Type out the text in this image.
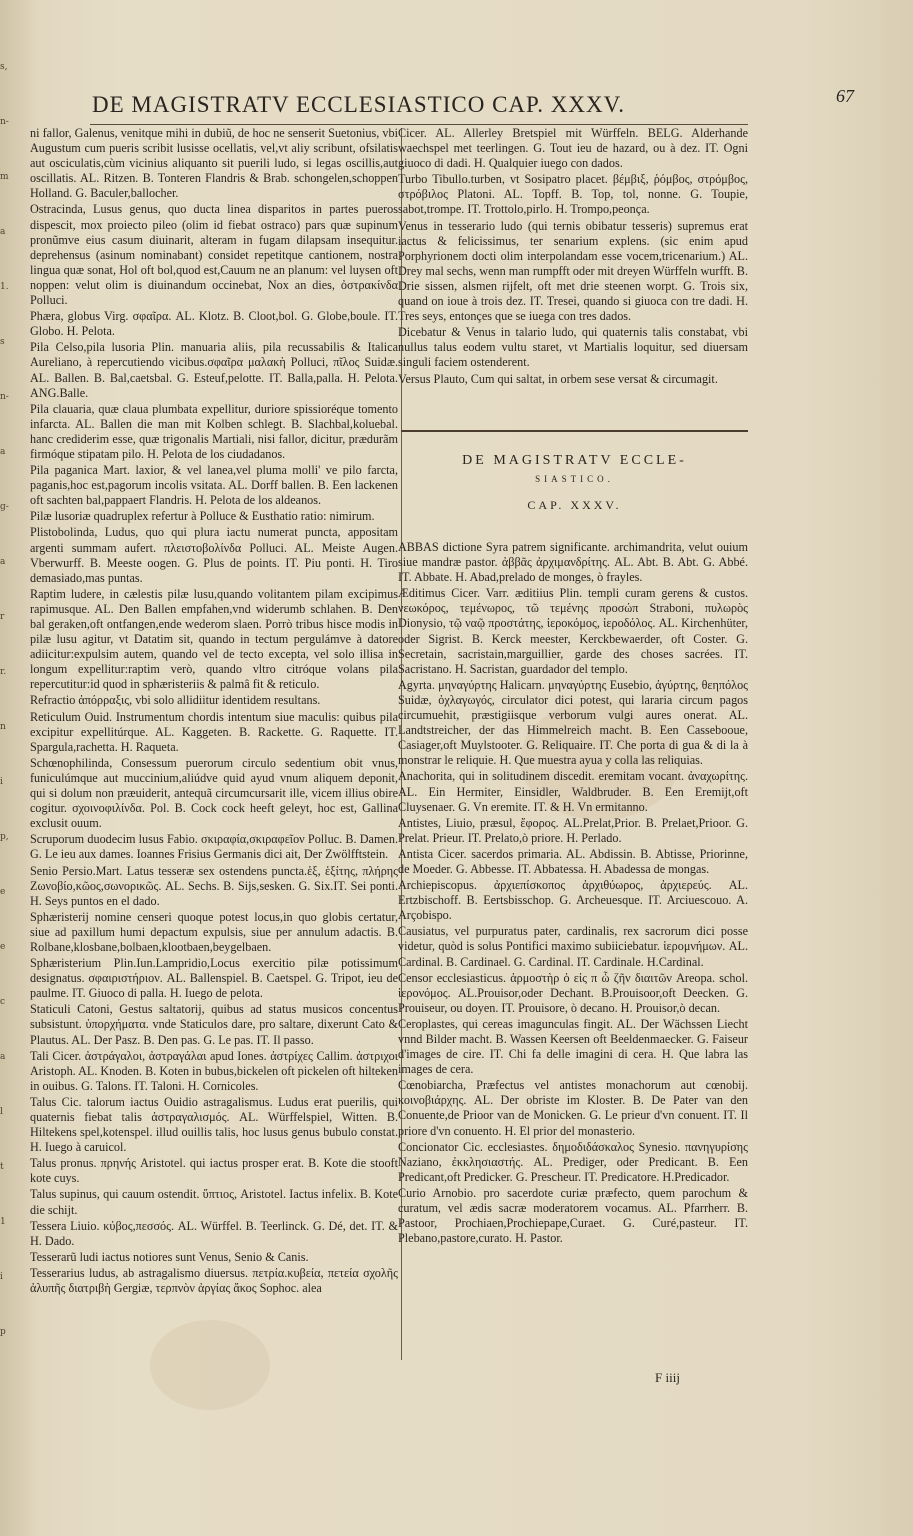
s,
n-
m
a
1.
s
n-
a
g-
a
r
r.
n
i
p,
e
e
c
a
l
t
1
i
p
DE MAGISTRATV ECCLESIASTICO CAP. XXXV.	67

ni fallor, Galenus, venitque mihi in dubiũ, de hoc ne senserit Suetonius, vbi Augustum cum pueris scribit lusisse ocellatis, vel,vt aliy scribunt, ofsilatis aut osciculatis,cùm vicinius aliquanto sit puerili ludo, si legas oscillis,aut oscillatis. AL. Ritzen. B. Tonteren Flandris & Brab. schongelen,schoppen Holland. G. Baculer,ballocher.

Ostracinda, Lusus genus, quo ducta linea disparitos in partes pueros dispescit, mox proiecto pileo (olim id fiebat ostraco) pars quæ supinum pronũmve eius casum diuinarit, alteram in fugam dilapsam insequitur. deprehensus (asinum nominabant) considet repetitque cantionem, nostra lingua quæ sonat, Hol oft bol,quod est,Cauum ne an planum: vel luysen oft noppen: velut olim is diuinandum occinebat, Nox an dies, ὀστρακίνδα Polluci.

Phæra, globus Virg. σφαῖρα. AL. Klotz. B. Cloot,bol. G. Globe,boule. IT. Globo. H. Pelota.

Pila Celso,pila lusoria Plin. manuaria aliis, pila recussabilis & Italica Aureliano, à repercutiendo vicibus.σφαῖρα μαλακὴ Polluci, πῖλος Suidæ. AL. Ballen. B. Bal,caetsbal. G. Esteuf,pelotte. IT. Balla,palla. H. Pelota. ANG.Balle.

Pila clauaria, quæ claua plumbata expellitur, duriore spissioréque tomento infarcta. AL. Ballen die man mit Kolben schlegt. B. Slachbal,koluebal. hanc crediderim esse, quæ trigonalis Martiali, nisi fallor, dicitur, prædurãm firmóque stipatam pilo. H. Pelota de los ciudadanos.

Pila paganica Mart. laxior, & vel lanea,vel pluma molli' ve pilo farcta, paganis,hoc est,pagorum incolis vsitata. AL. Dorff ballen. B. Een lackenen oft sachten bal,pappaert Flandris. H. Pelota de los aldeanos.

Pilæ lusoriæ quadruplex refertur à Polluce & Eusthatio ratio: nimirum.

Plistobolinda, Ludus, quo qui plura iactu numerat puncta, appositam argenti summam aufert. πλειστοβολίνδα Polluci. AL. Meiste Augen. Vberwurff. B. Meeste oogen. G. Plus de points. IT. Piu ponti. H. Tiro demasiado,mas puntas.

Raptim ludere, in cælestis pilæ lusu,quando volitantem pilam excipimus rapimusque. AL. Den Ballen empfahen,vnd widerumb schlahen. B. Den bal geraken,oft ontfangen,ende wederom slaen. Porrò tribus hisce modis in pilæ lusu agitur, vt Datatim sit, quando in tectum pergulámve à datore adiicitur:expulsim autem, quando vel de tecto excepta, vel solo illisa in longum expellitur:raptim verò, quando vltro citróque volans pila repercutitur:id quod in sphæristeriis & palmâ fit & reticulo.

Refractio ἀπόρραξις, vbi solo allidiitur identidem resultans.

Reticulum Ouid. Instrumentum chordis intentum siue maculis: quibus pila excipitur expellitúrque. AL. Kaggeten. B. Rackette. G. Raquette. IT. Spargula,rachetta. H. Raqueta.

Schœnophilinda, Consessum puerorum circulo sedentium obit vnus, funiculúmque aut muccinium,aliúdve quid ayud vnum aliquem deponit, qui si dolum non præuiderit, antequã circumcursarit ille, vicem illius obire cogitur. σχοινοφιλίνδα. Pol. B. Cock cock heeft geleyt, hoc est, Gallina exclusit ouum.

Scruporum duodecim lusus Fabio. σκιραφία,σκιραφεῖον Polluc. B. Damen. G. Le ieu aux dames. Ioannes Frisius Germanis dici ait, Der Zwölfftstein.

Senio Persio.Mart. Latus tesseræ sex ostendens puncta.ἑξ, ἑξίτης, πλήρης Ζωνοβίο,κῶος,σωνορικῶς. AL. Sechs. B. Sijs,sesken. G. Six.IT. Sei ponti. H. Seys puntos en el dado.

Sphæristerij nomine censeri quoque potest locus,in quo globis certatur, siue ad paxillum humi depactum expulsis, siue per annulum adactis. B. Rolbane,klosbane,bolbaen,klootbaen,beygelbaen.

Sphæristerium Plin.Iun.Lampridio,Locus exercitio pilæ potissimum designatus. σφαιριστήριον. AL. Ballenspiel. B. Caetspel. G. Tripot, ieu de paulme. IT. Giuoco di palla. H. Iuego de pelota.

Staticuli Catoni, Gestus saltatorij, quibus ad status musicos concentus subsistunt. ὑπορχήματα. vnde Staticulos dare, pro saltare, dixerunt Cato & Plautus. AL. Der Pasz. B. Den pas. G. Le pas. IT. Il passo.

Tali Cicer. ἀστράγαλοι, ἀστραγάλαι apud Iones. ἀστρίχες Callim. ἀστριχοι Aristoph. AL. Knoden. B. Koten in bubus,bickelen oft pickelen oft hilteken in ouibus. G. Talons. IT. Taloni. H. Cornicoles.

Talus Cic. talorum iactus Ouidio astragalismus. Ludus erat puerilis, qui quaternis fiebat talis ἀστραγαλισμός. AL. Würffelspiel, Witten. B. Hiltekens spel,kotenspel. illud ouillis talis, hoc lusus genus bubulo constat. H. Iuego à caruicol.

Talus pronus. πρηνής Aristotel. qui iactus prosper erat. B. Kote die stooft kote cuys.

Talus supinus, qui cauum ostendit. ὕπτιος, Aristotel. Iactus infelix. B. Kote die schijt.

Tessera Liuio. κύβος,πεσσός. AL. Würffel. B. Teerlinck. G. Dé, det. IT. & H. Dado.

Tesserarũ ludi iactus notiores sunt Venus, Senio & Canis.

Tesserarius ludus, ab astragalismo diuersus. πετρία.κυβεία, πετεία σχολῆς ἀλυπῆς διατριβὴ Gergiæ, τερπνὸν ἀργίας ἄκος Sophoc. alea

Cicer. AL. Allerley Bretspiel mit Würffeln. BELG. Alderhande waechspel met teerlingen. G. Tout ieu de hazard, ou à dez. IT. Ogni giuoco di dadi. H. Qualquier iuego con dados.

Turbo Tibullo.turben, vt Sosipatro placet. βέμβιξ, ῥόμβος, στρόμβος, στρόβιλος Platoni. AL. Topff. B. Top, tol, nonne. G. Toupie, sabot,trompe. IT. Trottolo,pirlo. H. Trompo,peonça.

Venus in tesserario ludo (qui ternis obibatur tesseris) supremus erat iactus & felicissimus, ter senarium explens. (sic enim apud Porphyrionem docti olim interpolandam esse vocem,tricenarium.) AL. Drey mal sechs, wenn man rumpfft oder mit dreyen Würffeln wurfft. B. Drie sissen, alsmen rijfelt, oft met drie steenen worpt. G. Trois six, quand on ioue à trois dez. IT. Tresei, quando si giuoca con tre dadi. H. Tres seys, entonçes que se iuega con tres dados.

Dicebatur & Venus in talario ludo, qui quaternis talis constabat, vbi nullus talus eodem vultu staret, vt Martialis loquitur, sed diuersam singuli faciem ostenderent.

Versus Plauto, Cum qui saltat, in orbem sese versat & circumagit.

DE MAGISTRATV ECCLE-
SIASTICO.
CAP. XXXV.

ABBAS dictione Syra patrem significante. archimandrita, velut ouium siue mandræ pastor. ἀββᾶς ἀρχιμανδρίτης. AL. Abt. B. Abt. G. Abbé. IT. Abbate. H. Abad,prelado de monges, ò frayles.

Æditimus Cicer. Varr. æditiius Plin. templi curam gerens & custos. νεωκόρος, τεμένωρος, τῶ τεμένης προσώπ Straboni, πυλωρὸς Dionysio, τῷ ναῷ προστάτης, ἱεροκόμος, ἱεροδόλος. AL. Kirchenhüter, oder Sigrist. B. Kerck meester, Kerckbewaerder, oft Coster. G. Secretain, sacristain,marguillier, garde des choses sacrées. IT. Sacristano. H. Sacristan, guardador del templo.

Agyrta. μηναγύρτης Halicarn. μηναγύρτης Eusebio, ἀγύρτης, θεηπόλος Suidæ, ὀχλαγωγός, circulator dici potest, qui lararia circum pagos circumuehit, præstigiisque verborum vulgi aures onerat. AL. Landtstreicher, der das Himmelreich macht. B. Een Cassebooue, Casiager,oft Muylstooter. G. Reliquaire. IT. Che porta di gua & di la à monstrar le reliquie. H. Que muestra ayua y colla las reliquias.

Anachorita, qui in solitudinem discedit. eremitam vocant. ἀναχωρίτης. AL. Ein Hermiter, Einsidler, Waldbruder. B. Een Eremijt,oft Cluysenaer. G. Vn eremite. IT. & H. Vn ermitanno.

Antistes, Liuio, præsul, ἔφορος. AL.Prelat,Prior. B. Prelaet,Prioor. G. Prelat. Prieur. IT. Prelato,ò priore. H. Perlado.

Antista Cicer. sacerdos primaria. AL. Abdissin. B. Abtisse, Priorinne, de Moeder. G. Abbesse. IT. Abbatessa. H. Abadessa de mongas.

Archiepiscopus. ἀρχιεπίσκοπος ἀρχιθύωρος, ἀρχιερεύς. AL. Ertzbischoff. B. Eertsbisschop. G. Archeuesque. IT. Arciuescouo. A. Arçobispo.

Causiatus, vel purpuratus pater, cardinalis, rex sacrorum dici posse videtur, quòd is solus Pontifici maximo subiiciebatur. ἱερομνήμων. AL. Cardinal. B. Cardinael. G. Cardinal. IT. Cardinale. H.Cardinal.

Censor ecclesiasticus. ἀρμοστὴρ ὁ εἰς π ὧ ζῆν διαιτῶν Areopa. schol. ἱερονόμος. AL.Prouisor,oder Dechant. B.Prouisoor,oft Deecken. G. Prouiseur, ou doyen. IT. Prouisore, ò decano. H. Prouisor,ò decan.

Ceroplastes, qui cereas imagunculas fingit. AL. Der Wächssen Liecht vnnd Bilder macht. B. Wassen Keersen oft Beeldenmaecker. G. Faiseur d'images de cire. IT. Chi fa delle imagini di cera. H. Que labra las images de cera.

Cœnobiarcha, Præfectus vel antistes monachorum aut cœnobij. κοινοβιάρχης. AL. Der obriste im Kloster. B. De Pater van den Conuente,de Prioor van de Monicken. G. Le prieur d'vn conuent. IT. Il priore d'vn conuento. H. El prior del monasterio.

Concionator Cic. ecclesiastes. δημοδιδάσκαλος Synesio. πανηγυρίσης Naziano, ἐκκλησιαστής. AL. Prediger, oder Predicant. B. Een Predicant,oft Predicker. G. Prescheur. IT. Predicatore. H.Predicador.

Curio Arnobio. pro sacerdote curiæ præfecto, quem parochum & curatum, vel ædis sacræ moderatorem vocamus. AL. Pfarrherr. B. Pastoor, Prochiaen,Prochiepape,Curaet. G. Curé,pasteur. IT. Plebano,pastore,curato. H. Pastor.

F iiij
